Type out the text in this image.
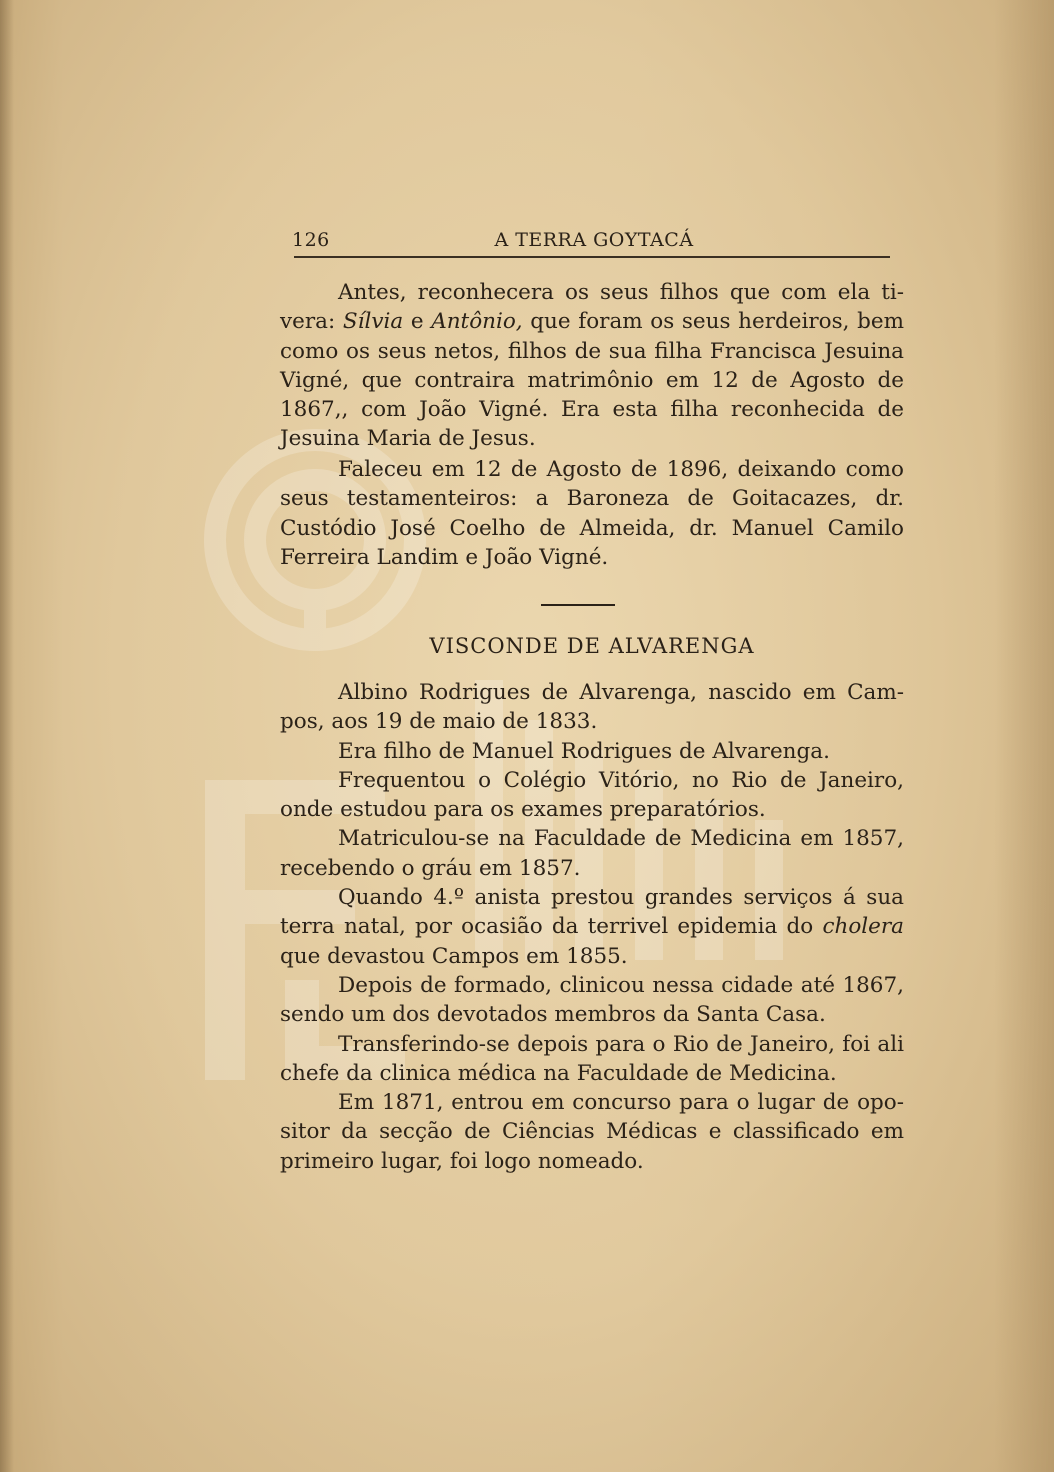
126	A TERRA GOYTACÁ

Antes, reconhecera os seus filhos que com ela tivera: Sílvia e Antônio, que foram os seus herdeiros, bem como os seus netos, filhos de sua filha Francisca Jesuina Vigné, que contraira matrimônio em 12 de Agosto de 1867,, com João Vigné. Era esta filha reconhecida de Jesuina Maria de Jesus.

Faleceu em 12 de Agosto de 1896, deixando como seus testamenteiros: a Baroneza de Goitacazes, dr. Custódio José Coelho de Almeida, dr. Manuel Camilo Ferreira Landim e João Vigné.

VISCONDE DE ALVARENGA

Albino Rodrigues de Alvarenga, nascido em Campos, aos 19 de maio de 1833.

Era filho de Manuel Rodrigues de Alvarenga.

Frequentou o Colégio Vitório, no Rio de Janeiro, onde estudou para os exames preparatórios.

Matriculou-se na Faculdade de Medicina em 1857, recebendo o gráu em 1857.

Quando 4.º anista prestou grandes serviços á sua terra natal, por ocasião da terrivel epidemia do cholera que devastou Campos em 1855.

Depois de formado, clinicou nessa cidade até 1867, sendo um dos devotados membros da Santa Casa.

Transferindo-se depois para o Rio de Janeiro, foi ali chefe da clinica médica na Faculdade de Medicina.

Em 1871, entrou em concurso para o lugar de opositor da secção de Ciências Médicas e classificado em primeiro lugar, foi logo nomeado.
